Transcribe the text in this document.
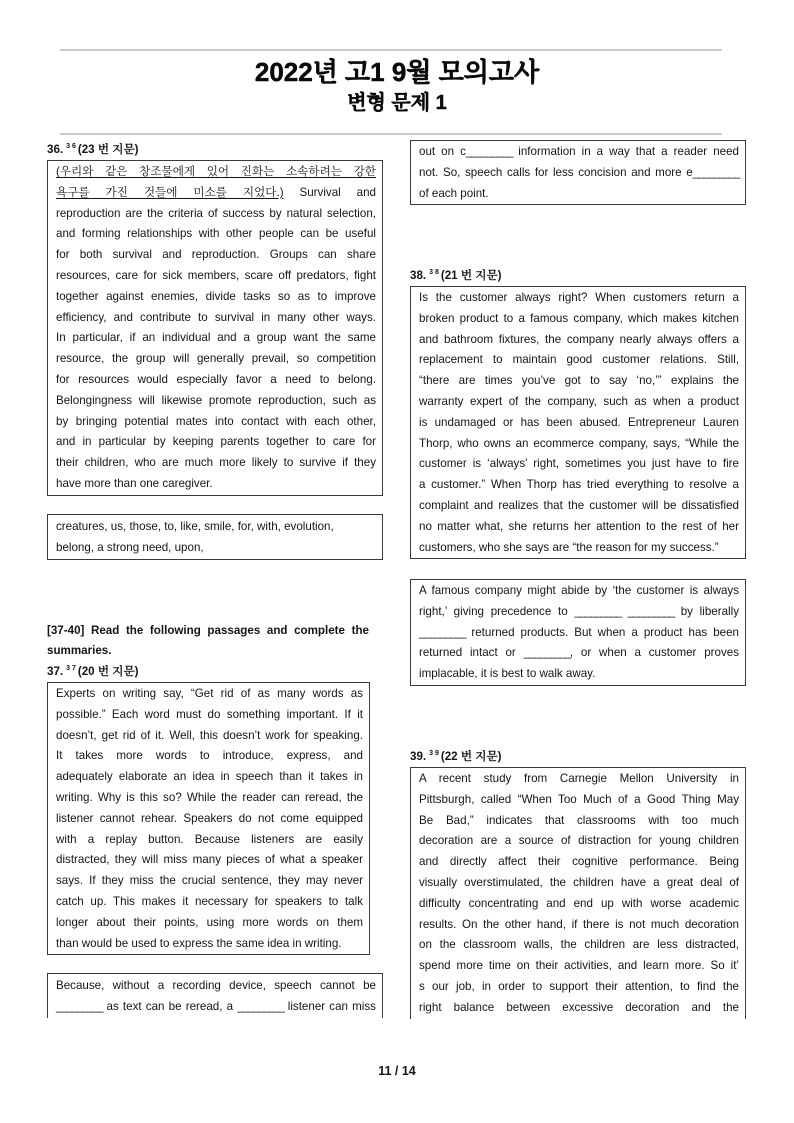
2022년 고1 9월 모의고사
변형 문제 1
36. $^{3 6}$ (23 번 지문)
(우리와 같은 창조물에게 있어 진화는 소속하려는 강한
욕구를 가진 것들에 미소를 지었다.) Survival and
reproduction are the criteria of success by natural selection,
and forming relationships with other people can be useful
for both survival and reproduction. Groups can share
resources, care for sick members, scare off predators, fight
together against enemies, divide tasks so as to improve
efficiency, and contribute to survival in many other ways.
In particular, if an individual and a group want the same
resource, the group will generally prevail, so competition
for resources would especially favor a need to belong.
Belongingness will likewise promote reproduction, such as
by bringing potential mates into contact with each other,
and in particular by keeping parents together to care for
their children, who are much more likely to survive if they
have more than one caregiver.
creatures, us, those, to, like, smile, for, with, evolution,
belong, a strong need, upon,
[37-40] Read the following passages and complete the
summaries.
37. $^{3 7}$ (20 번 지문)
Experts on writing say, “Get rid of as many words as
possible.” Each word must do something important. If it
doesn’t, get rid of it. Well, this doesn’t work for speaking.
It takes more words to introduce, express, and
adequately elaborate an idea in speech than it takes in
writing. Why is this so? While the reader can reread, the
listener cannot rehear. Speakers do not come equipped
with a replay button. Because listeners are easily
distracted, they will miss many pieces of what a speaker
says. If they miss the crucial sentence, they may never
catch up. This makes it necessary for speakers to talk
longer about their points, using more words on them
than would be used to express the same idea in writing.
Because, without a recording device, speech cannot be
_________ as text can be reread, a _________ listener can miss
out on c_________ information in a way that a reader need
not. So, speech calls for less concision and more e_________
of each point.
38. $^{3 8}$ (21 번 지문)
Is the customer always right? When customers return a
broken product to a famous company, which makes kitchen
and bathroom fixtures, the company nearly always offers a
replacement to maintain good customer relations. Still,
“there are times you’ve got to say ‘no,’” explains the
warranty expert of the company, such as when a product
is undamaged or has been abused. Entrepreneur Lauren
Thorp, who owns an ecommerce company, says, “While the
customer is ‘always’ right, sometimes you just have to fire
a customer.” When Thorp has tried everything to resolve a
complaint and realizes that the customer will be dissatisfied
no matter what, she returns her attention to the rest of her
customers, who she says are “the reason for my success.”
A famous company might abide by ‘the customer is always
right,’ giving precedence to _________ _________ by liberally
_________ returned products. But when a product has been
returned intact or _________, or when a customer proves
implacable, it is best to walk away.
39. $^{3 9}$ (22 번 지문)
A recent study from Carnegie Mellon University in
Pittsburgh, called “When Too Much of a Good Thing May
Be Bad,” indicates that classrooms with too much
decoration are a source of distraction for young children
and directly affect their cognitive performance. Being
visually overstimulated, the children have a great deal of
difficulty concentrating and end up with worse academic
results. On the other hand, if there is not much decoration
on the classroom walls, the children are less distracted,
spend more time on their activities, and learn more. So it’
s our job, in order to support their attention, to find the
right balance between excessive decoration and the
11 / 14
